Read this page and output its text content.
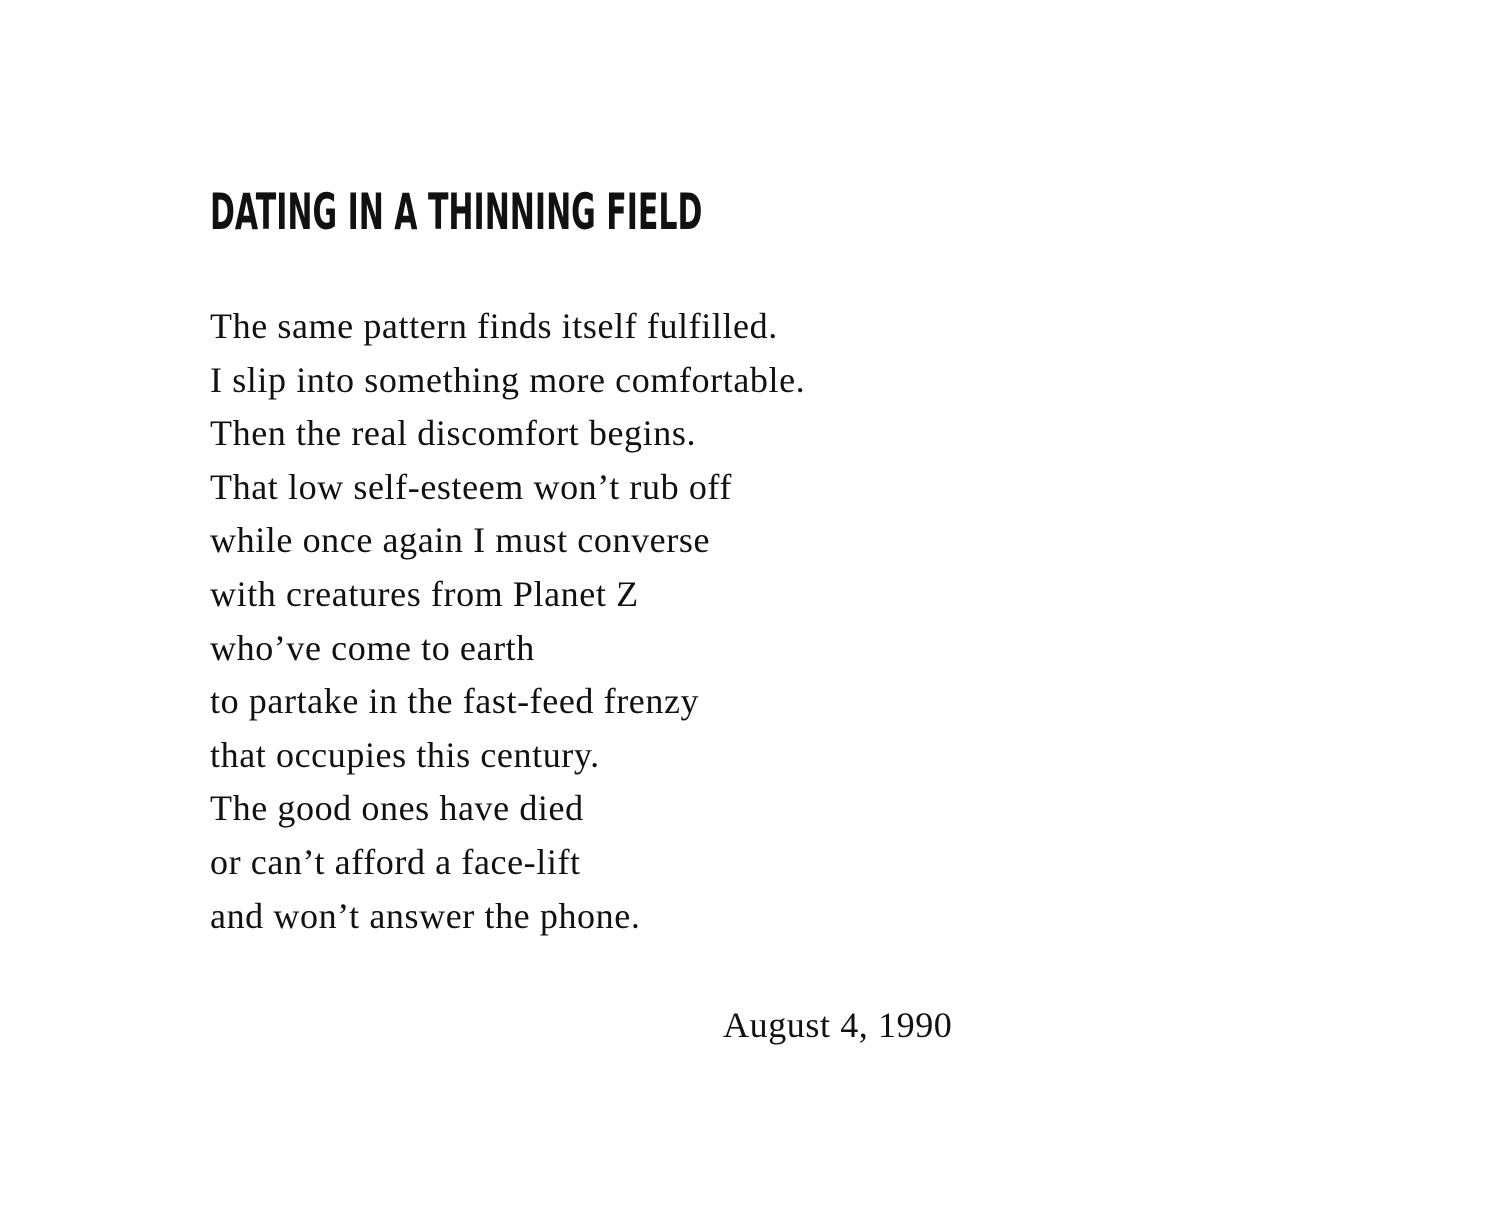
DATING IN A THINNING FIELD
The same pattern finds itself fulfilled.
I slip into something more comfortable.
Then the real discomfort begins.
That low self-esteem won’t rub off
while once again I must converse
with creatures from Planet Z
who’ve come to earth
to partake in the fast-feed frenzy
that occupies this century.
The good ones have died
or can’t afford a face-lift
and won’t answer the phone.

August 4, 1990
